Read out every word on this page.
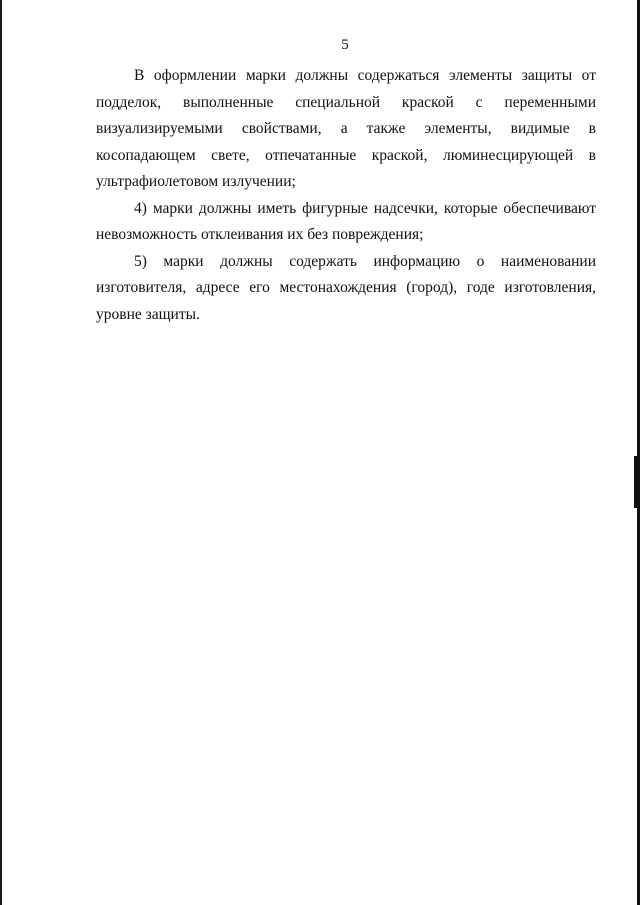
5

В оформлении марки должны содержаться элементы защиты от подделок, выполненные специальной краской с переменными визуализируемыми свойствами, а также элементы, видимые в косопадающем свете, отпечатанные краской, люминесцирующей в ультрафиолетовом излучении;

4) марки должны иметь фигурные надсечки, которые обеспечивают невозможность отклеивания их без повреждения;

5) марки должны содержать информацию о наименовании изготовителя, адресе его местонахождения (город), годе изготовления, уровне защиты.
